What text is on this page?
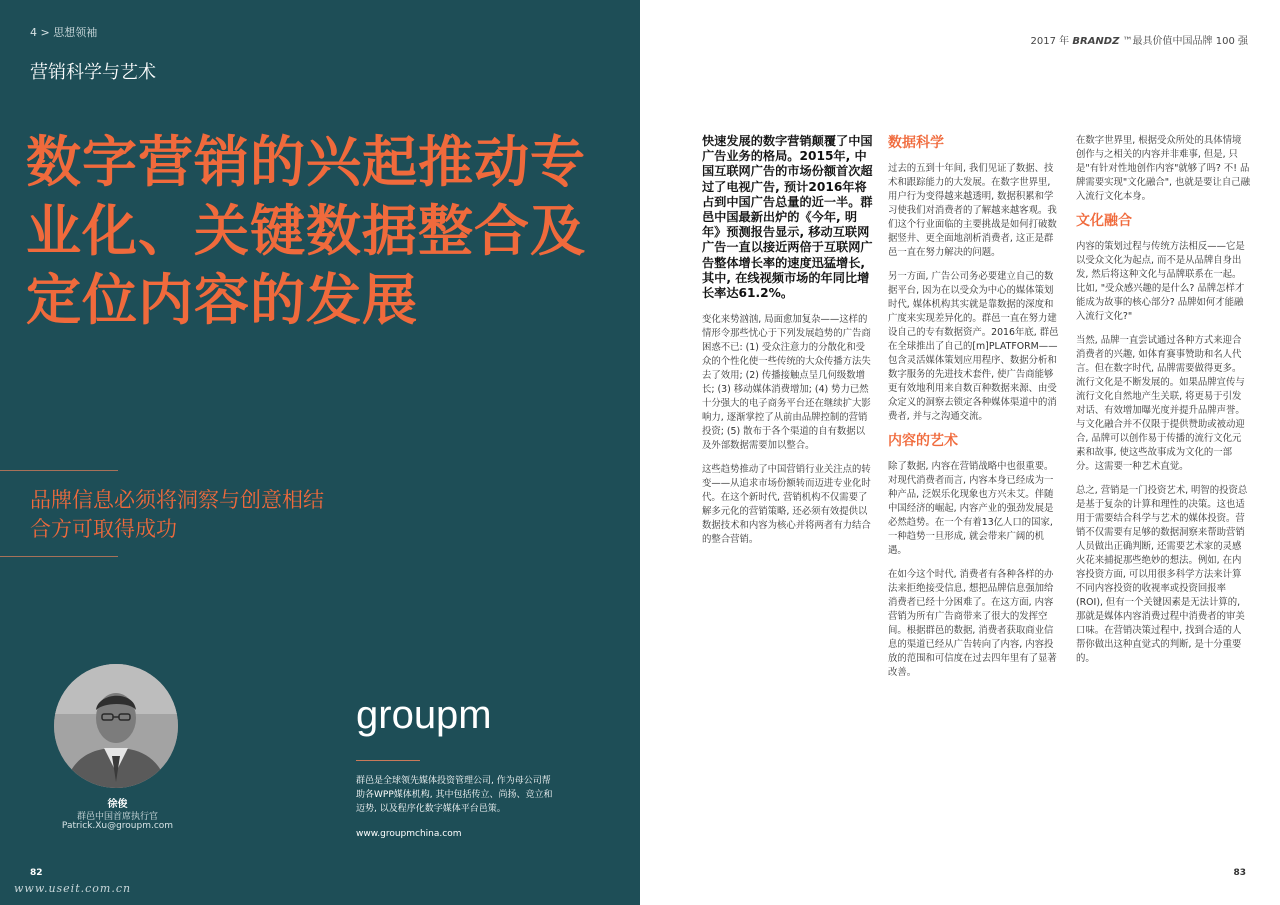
4 > 思想领袖
营销科学与艺术
数字营销的兴起推动专业化、关键数据整合及定位内容的发展
品牌信息必须将洞察与创意相结合方可取得成功
徐俊
群邑中国首席执行官
Patrick.Xu@groupm.com
groupm
群邑是全球领先媒体投资管理公司, 作为母公司帮助各WPP媒体机构, 其中包括传立、尚扬、竞立和迈势, 以及程序化数字媒体平台邑策。
www.groupmchina.com
82
www.useit.com.cn
2017 年 BRANDZ ™最具价值中国品牌 100 强

快速发展的数字营销颠覆了中国广告业务的格局。2015年, 中国互联网广告的市场份额首次超过了电视广告, 预计2016年将占到中国广告总量的近一半。群邑中国最新出炉的《今年, 明年》预测报告显示, 移动互联网广告一直以接近两倍于互联网广告整体增长率的速度迅猛增长, 其中, 在线视频市场的年同比增长率达61.2%。

变化来势汹汹, 局面愈加复杂——这样的情形令那些忧心于下列发展趋势的广告商困惑不已: (1) 受众注意力的分散化和受众的个性化使一些传统的大众传播方法失去了效用; (2) 传播接触点呈几何级数增长; (3) 移动媒体消费增加; (4) 势力已然十分强大的电子商务平台还在继续扩大影响力, 逐渐掌控了从前由品牌控制的营销投资; (5) 散布于各个渠道的自有数据以及外部数据需要加以整合。

这些趋势推动了中国营销行业关注点的转变——从追求市场份额转而迈进专业化时代。在这个新时代, 营销机构不仅需要了解多元化的营销策略, 还必须有效提供以数据技术和内容为核心并将两者有力结合的整合营销。

数据科学

过去的五到十年间, 我们见证了数据、技术和跟踪能力的大发展。在数字世界里, 用户行为变得越来越透明, 数据积累和学习使我们对消费者的了解越来越客观。我们这个行业面临的主要挑战是如何打破数据竖井、更全面地剖析消费者, 这正是群邑一直在努力解决的问题。

另一方面, 广告公司务必要建立自己的数据平台, 因为在以受众为中心的媒体策划时代, 媒体机构其实就是靠数据的深度和广度来实现差异化的。群邑一直在努力建设自己的专有数据资产。2016年底, 群邑在全球推出了自己的[m]PLATFORM——包含灵活媒体策划应用程序、数据分析和数字服务的先进技术套件, 使广告商能够更有效地利用来自数百种数据来源、由受众定义的洞察去锁定各种媒体渠道中的消费者, 并与之沟通交流。

内容的艺术

除了数据, 内容在营销战略中也很重要。对现代消费者而言, 内容本身已经成为一种产品, 泛娱乐化现象也方兴未艾。伴随中国经济的崛起, 内容产业的强劲发展是必然趋势。在一个有着13亿人口的国家, 一种趋势一旦形成, 就会带来广阔的机遇。

在如今这个时代, 消费者有各种各样的办法来拒绝接受信息, 想把品牌信息强加给消费者已经十分困难了。在这方面, 内容营销为所有广告商带来了很大的发挥空间。根据群邑的数据, 消费者获取商业信息的渠道已经从广告转向了内容, 内容投放的范围和可信度在过去四年里有了显著改善。

在数字世界里, 根据受众所处的具体情境创作与之相关的内容并非难事, 但是, 只是"有针对性地创作内容"就够了吗? 不! 品牌需要实现"文化融合", 也就是要让自己融入流行文化本身。

文化融合

内容的策划过程与传统方法相反——它是以受众文化为起点, 而不是从品牌自身出发, 然后将这种文化与品牌联系在一起。比如, "受众感兴趣的是什么? 品牌怎样才能成为故事的核心部分? 品牌如何才能融入流行文化?"

当然, 品牌一直尝试通过各种方式来迎合消费者的兴趣, 如体育赛事赞助和名人代言。但在数字时代, 品牌需要做得更多。流行文化是不断发展的。如果品牌宣传与流行文化自然地产生关联, 将更易于引发对话、有效增加曝光度并提升品牌声誉。与文化融合并不仅限于提供赞助或被动迎合, 品牌可以创作易于传播的流行文化元素和故事, 使这些故事成为文化的一部分。这需要一种艺术直觉。

总之, 营销是一门投资艺术, 明智的投资总是基于复杂的计算和理性的决策。这也适用于需要结合科学与艺术的媒体投资。营销不仅需要有足够的数据洞察来帮助营销人员做出正确判断, 还需要艺术家的灵感火花来捕捉那些绝妙的想法。例如, 在内容投资方面, 可以用很多科学方法来计算不同内容投资的收视率或投资回报率 (ROI), 但有一个关键因素是无法计算的, 那就是媒体内容消费过程中消费者的审美口味。在营销决策过程中, 找到合适的人帮你做出这种直觉式的判断, 是十分重要的。

83
